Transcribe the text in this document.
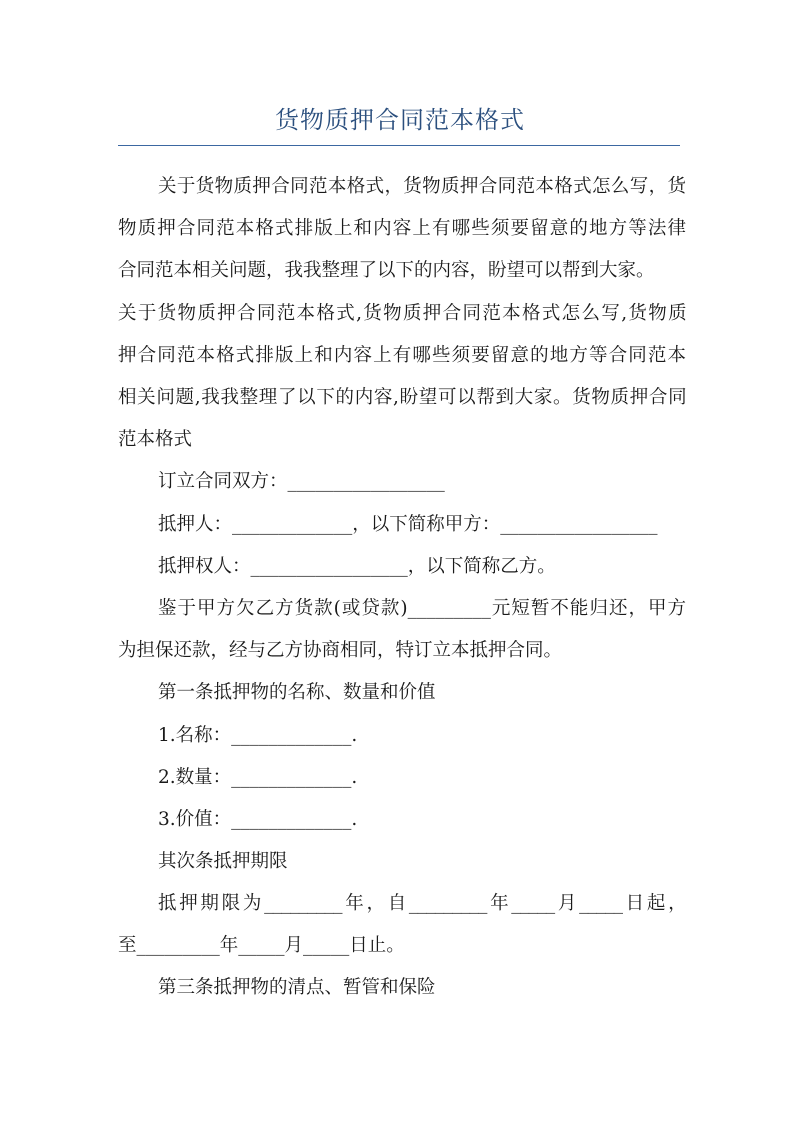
货物质押合同范本格式
关于货物质押合同范本格式，货物质押合同范本格式怎么写，货
物质押合同范本格式排版上和内容上有哪些须要留意的地方等法律
合同范本相关问题，我我整理了以下的内容，盼望可以帮到大家。
关于货物质押合同范本格式,货物质押合同范本格式怎么写,货物质
押合同范本格式排版上和内容上有哪些须要留意的地方等合同范本
相关问题,我我整理了以下的内容,盼望可以帮到大家。货物质押合同
范本格式
订立合同双方：_________________
抵押人：_____________，以下简称甲方：_________________
抵押权人：_________________，以下简称乙方。
鉴于甲方欠乙方货款(或贷款)_________元短暂不能归还，甲方
为担保还款，经与乙方协商相同，特订立本抵押合同。
第一条抵押物的名称、数量和价值
1.名称：_____________.
2.数量：_____________.
3.价值：_____________.
其次条抵押期限
抵押期限为_________年，自_________年_____月_____日起，
至_________年_____月_____日止。
第三条抵押物的清点、暂管和保险
